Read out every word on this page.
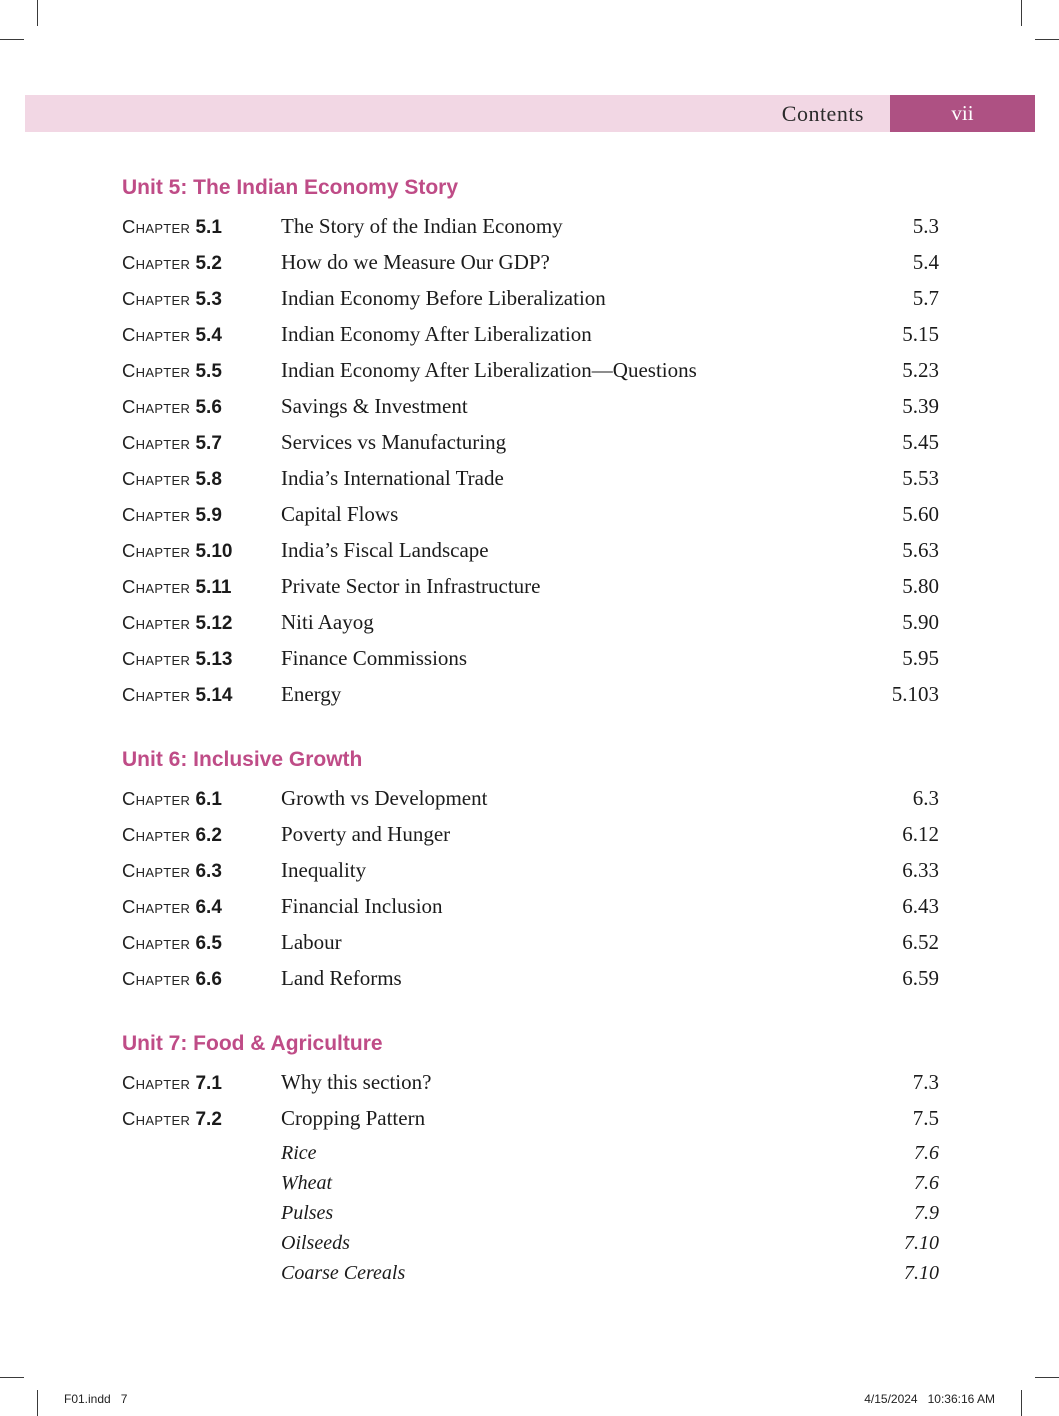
Contents	vii
Unit 5: The Indian Economy Story
Chapter 5.1	The Story of the Indian Economy	5.3
Chapter 5.2	How do we Measure Our GDP?	5.4
Chapter 5.3	Indian Economy Before Liberalization	5.7
Chapter 5.4	Indian Economy After Liberalization	5.15
Chapter 5.5	Indian Economy After Liberalization—Questions	5.23
Chapter 5.6	Savings & Investment	5.39
Chapter 5.7	Services vs Manufacturing	5.45
Chapter 5.8	India’s International Trade	5.53
Chapter 5.9	Capital Flows	5.60
Chapter 5.10	India’s Fiscal Landscape	5.63
Chapter 5.11	Private Sector in Infrastructure	5.80
Chapter 5.12	Niti Aayog	5.90
Chapter 5.13	Finance Commissions	5.95
Chapter 5.14	Energy	5.103
Unit 6: Inclusive Growth
Chapter 6.1	Growth vs Development	6.3
Chapter 6.2	Poverty and Hunger	6.12
Chapter 6.3	Inequality	6.33
Chapter 6.4	Financial Inclusion	6.43
Chapter 6.5	Labour	6.52
Chapter 6.6	Land Reforms	6.59
Unit 7: Food & Agriculture
Chapter 7.1	Why this section?	7.3
Chapter 7.2	Cropping Pattern	7.5
Rice	7.6
Wheat	7.6
Pulses	7.9
Oilseeds	7.10
Coarse Cereals	7.10
F01.indd   7	4/15/2024   10:36:16 AM
